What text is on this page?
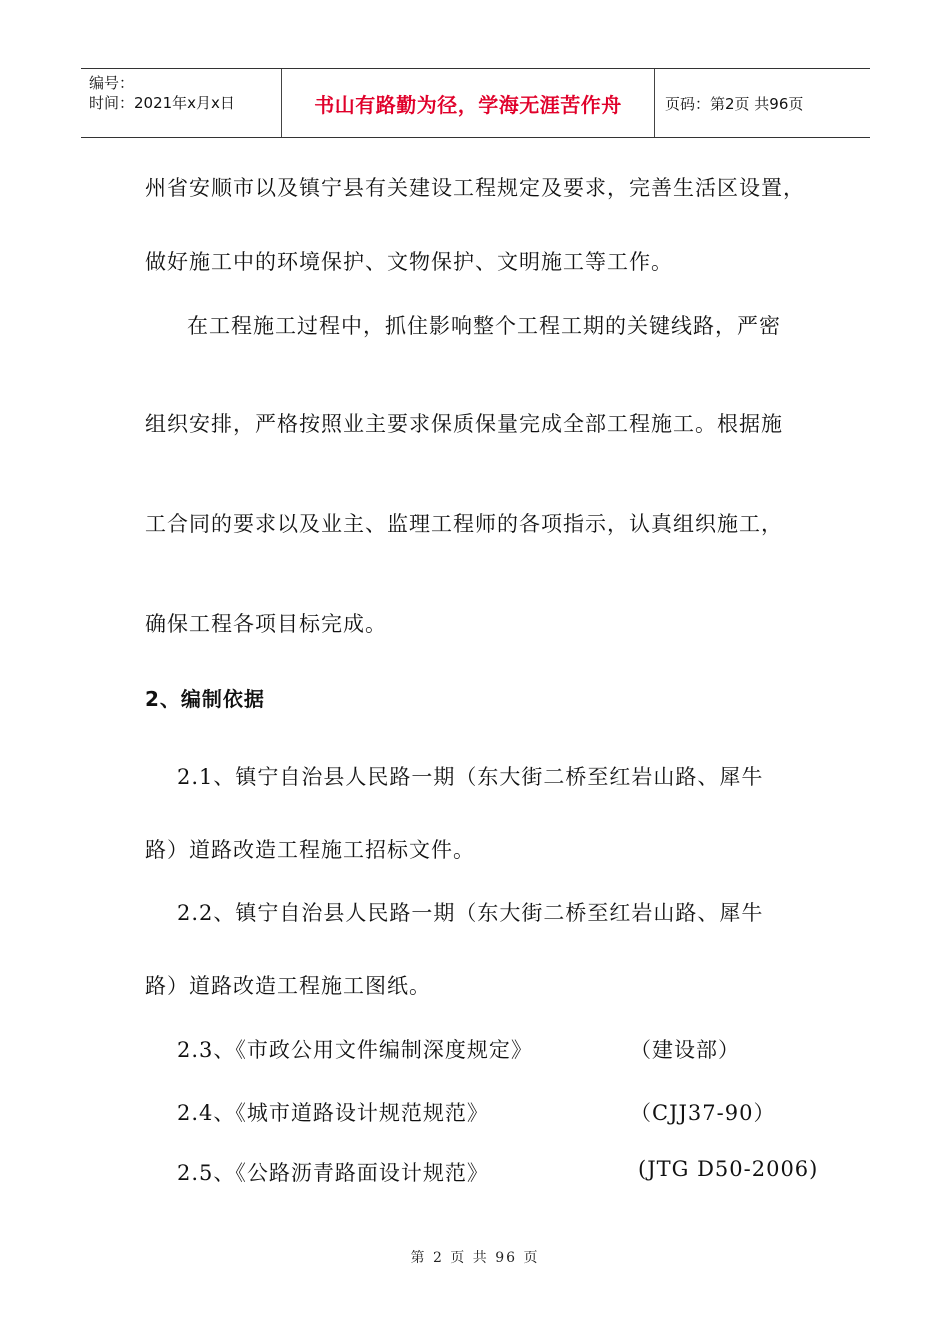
编号：
时间：2021年x月x日	书山有路勤为径，学海无涯苦作舟	页码：第2页 共96页
州省安顺市以及镇宁县有关建设工程规定及要求，完善生活区设置，
做好施工中的环境保护、文物保护、文明施工等工作。
在工程施工过程中，抓住影响整个工程工期的关键线路，严密
组织安排，严格按照业主要求保质保量完成全部工程施工。根据施
工合同的要求以及业主、监理工程师的各项指示，认真组织施工，
确保工程各项目标完成。
2、编制依据
2.1、镇宁自治县人民路一期（东大街二桥至红岩山路、犀牛
路）道路改造工程施工招标文件。
2.2、镇宁自治县人民路一期（东大街二桥至红岩山路、犀牛
路）道路改造工程施工图纸。
2.3、《市政公用文件编制深度规定》	（建设部）
2.4、《城市道路设计规范规范》	（CJJ37-90）
2.5、《公路沥青路面设计规范》	(JTG D50-2006)
第 2 页 共 96 页
